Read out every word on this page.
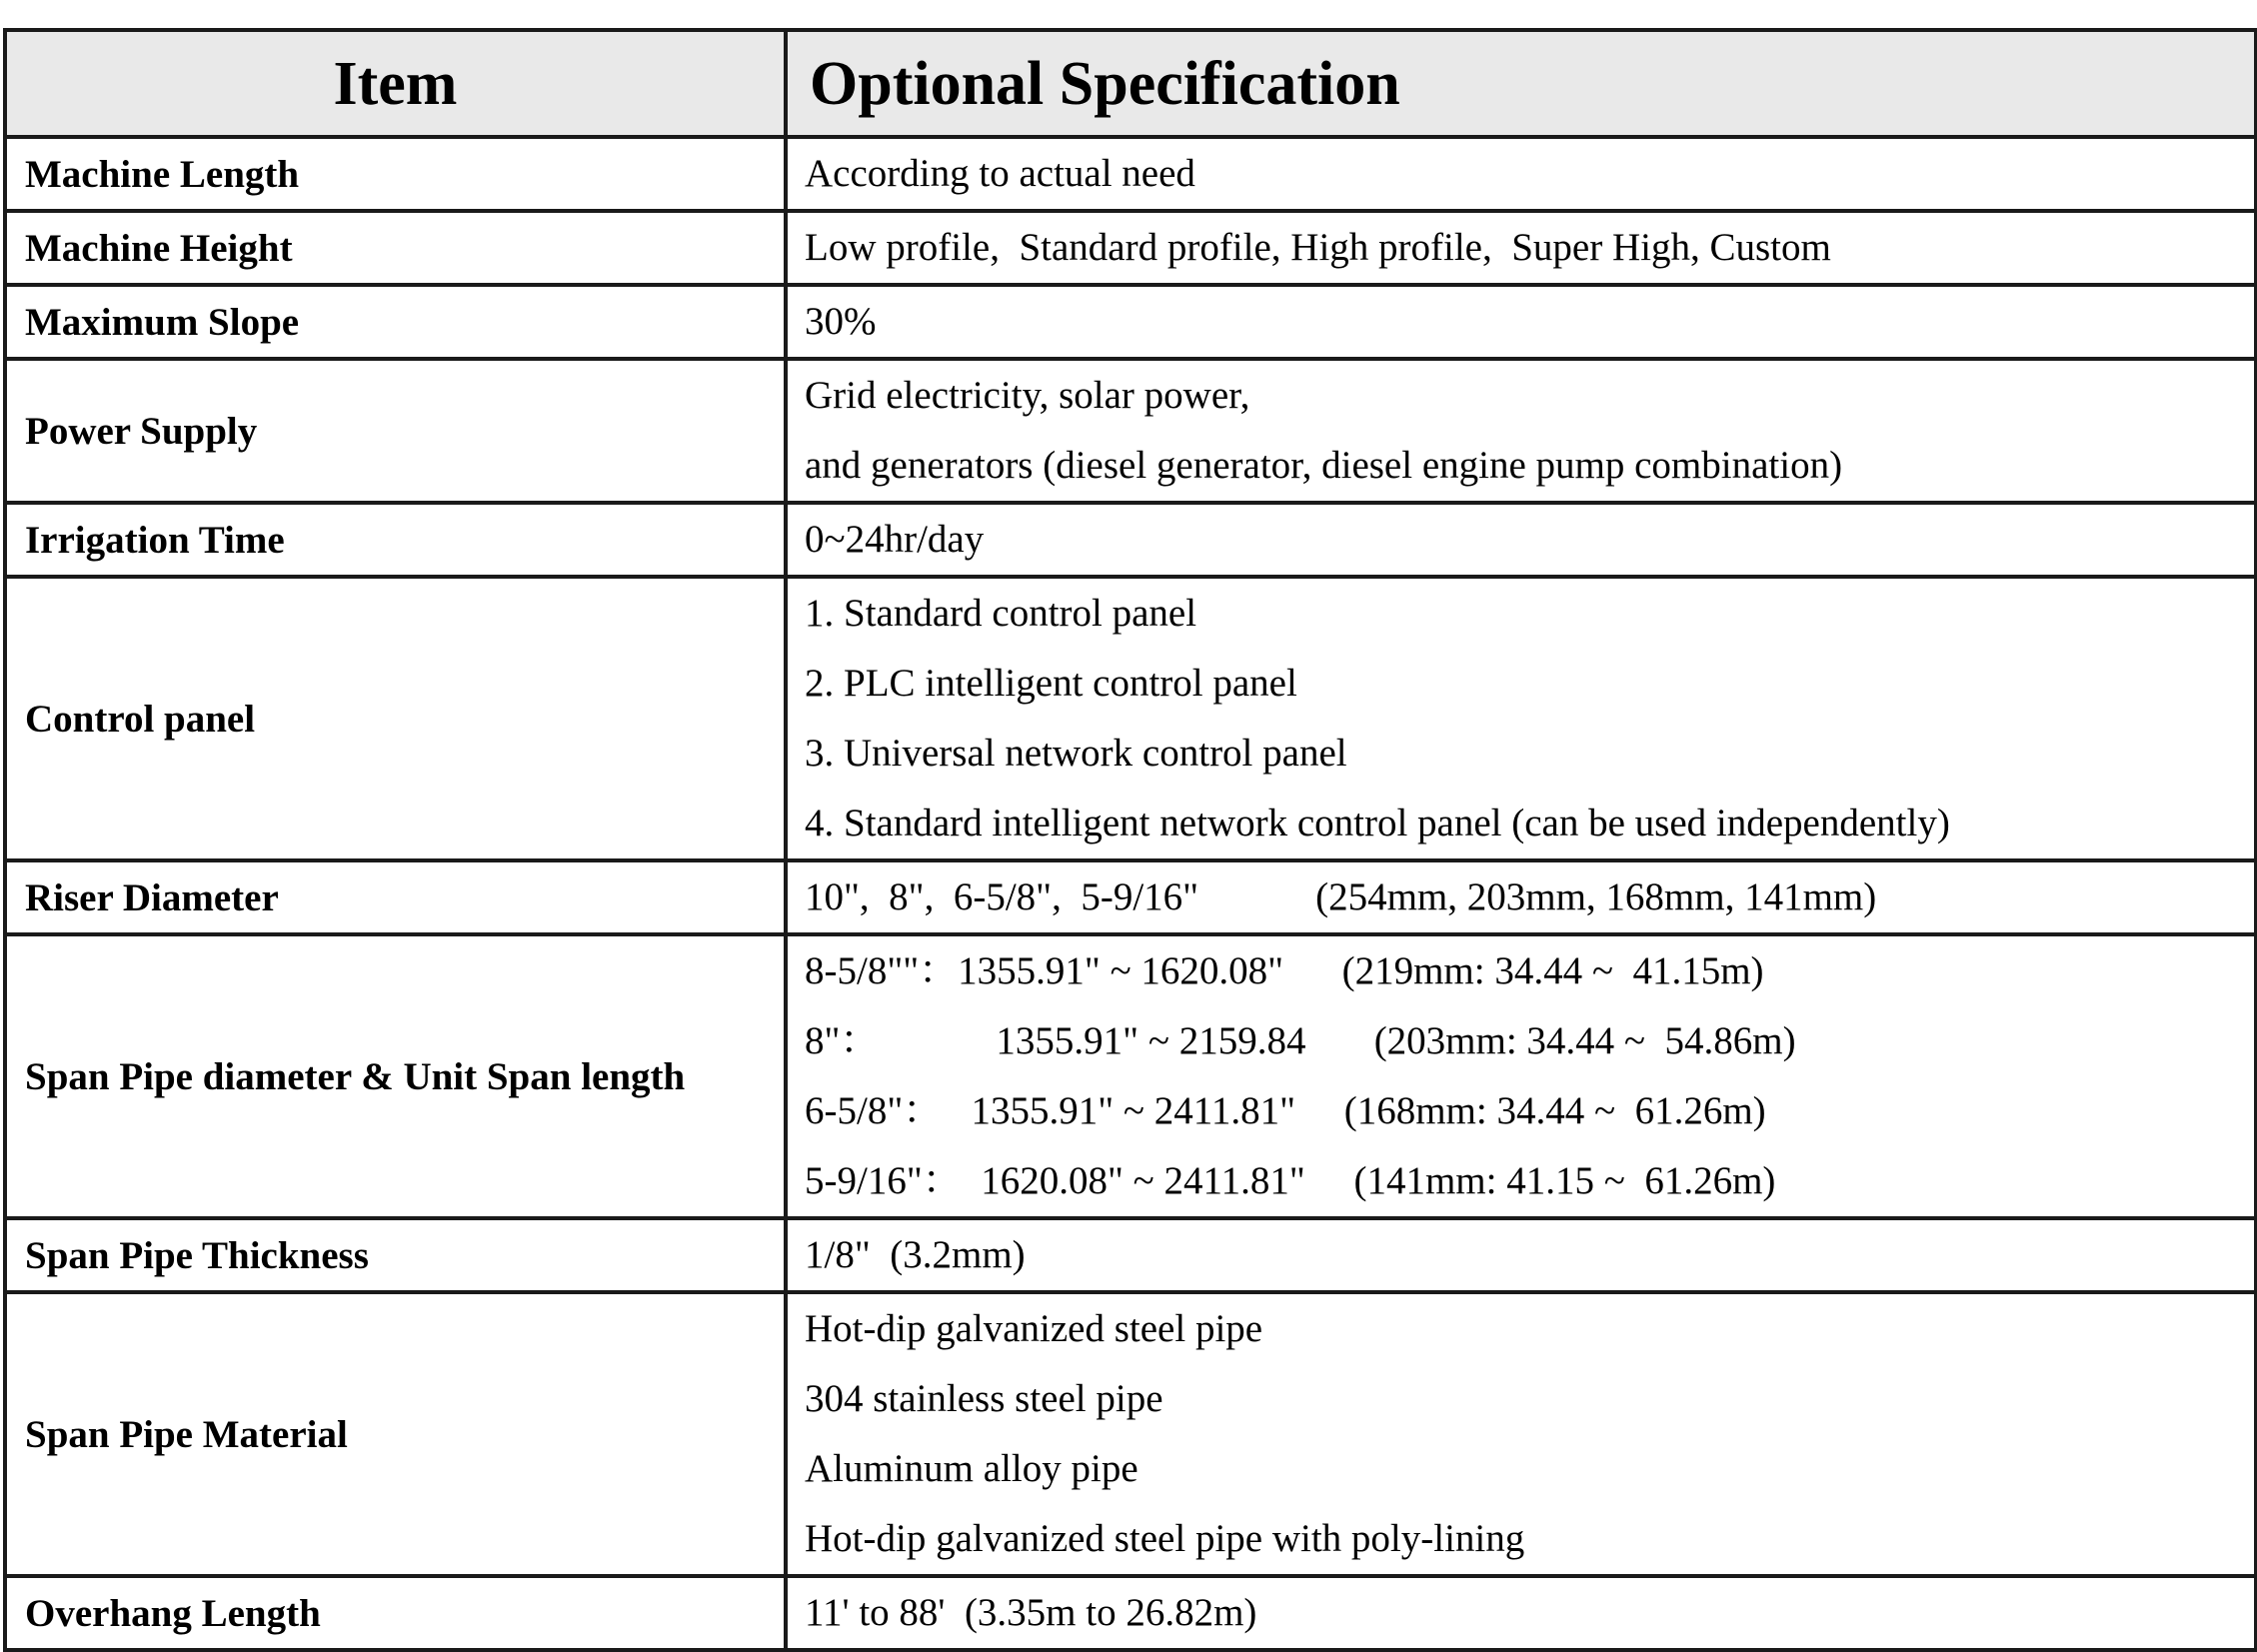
Item	Optional Specification
Machine Length	According to actual need

Machine Height	Low profile,  Standard profile, High profile,  Super High, Custom

Maximum Slope	30%

Power Supply	Grid electricity, solar power,
and generators (diesel generator, diesel engine pump combination)

Irrigation Time	0~24hr/day

Control panel	1. Standard control panel
2. PLC intelligent control panel
3. Universal network control panel
4. Standard intelligent network control panel (can be used independently)

Riser Diameter	10",  8",  6-5/8",  5-9/16"            (254mm, 203mm, 168mm, 141mm)

Span Pipe diameter & Unit Span length	8-5/8""：1355.91" ~ 1620.08"      (219mm: 34.44 ~  41.15m)
8"：            1355.91" ~ 2159.84       (203mm: 34.44 ~  54.86m)
6-5/8"：   1355.91" ~ 2411.81"     (168mm: 34.44 ~  61.26m)
5-9/16"：  1620.08" ~ 2411.81"     (141mm: 41.15 ~  61.26m)

Span Pipe Thickness	1/8"  (3.2mm)

Span Pipe Material	Hot-dip galvanized steel pipe
304 stainless steel pipe
Aluminum alloy pipe
Hot-dip galvanized steel pipe with poly-lining

Overhang Length	11' to 88'  (3.35m to 26.82m)
